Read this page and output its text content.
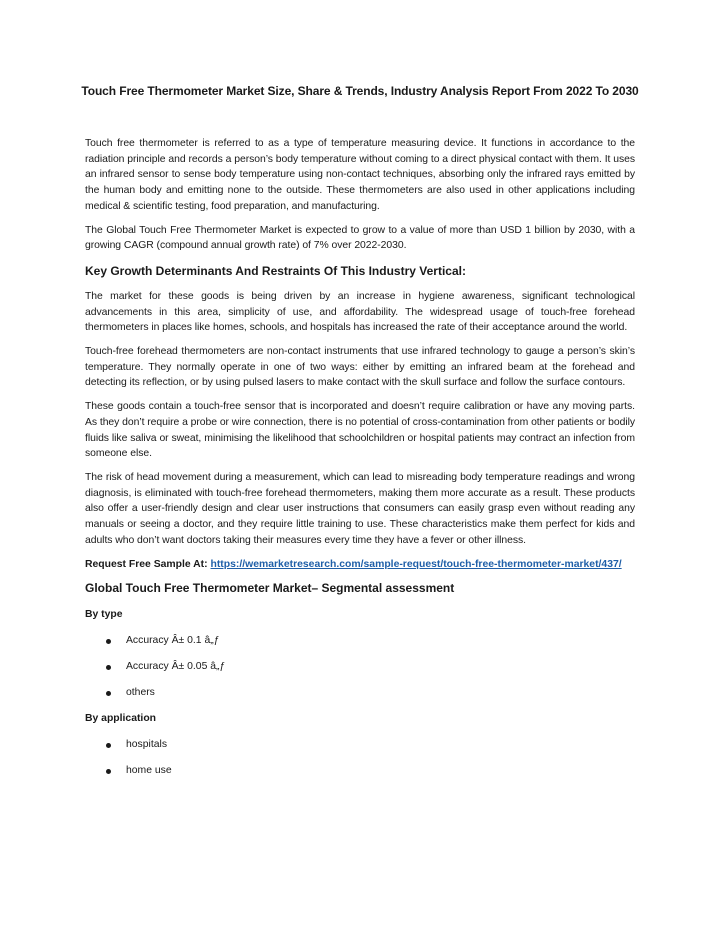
Touch Free Thermometer Market Size, Share & Trends, Industry Analysis Report From 2022 To 2030

Touch free thermometer is referred to as a type of temperature measuring device. It functions in accordance to the radiation principle and records a person’s body temperature without coming to a direct physical contact with them. It uses an infrared sensor to sense body temperature using non-contact techniques, absorbing only the infrared rays emitted by the human body and emitting none to the outside. These thermometers are also used in other applications including medical & scientific testing, food preparation, and manufacturing.

The Global Touch Free Thermometer Market is expected to grow to a value of more than USD 1 billion by 2030, with a growing CAGR (compound annual growth rate) of 7% over 2022-2030.

Key Growth Determinants And Restraints Of This Industry Vertical:

The market for these goods is being driven by an increase in hygiene awareness, significant technological advancements in this area, simplicity of use, and affordability. The widespread usage of touch-free forehead thermometers in places like homes, schools, and hospitals has increased the rate of their acceptance around the world.

Touch-free forehead thermometers are non-contact instruments that use infrared technology to gauge a person’s skin’s temperature. They normally operate in one of two ways: either by emitting an infrared beam at the forehead and detecting its reflection, or by using pulsed lasers to make contact with the skull surface and follow the surface contours.

These goods contain a touch-free sensor that is incorporated and doesn’t require calibration or have any moving parts. As they don’t require a probe or wire connection, there is no potential of cross-contamination from other patients or bodily fluids like saliva or sweat, minimising the likelihood that schoolchildren or hospital patients may contract an infection from someone else.

The risk of head movement during a measurement, which can lead to misreading body temperature readings and wrong diagnosis, is eliminated with touch-free forehead thermometers, making them more accurate as a result. These products also offer a user-friendly design and clear user instructions that consumers can easily grasp even without reading any manuals or seeing a doctor, and they require little training to use. These characteristics make them perfect for kids and adults who don’t want doctors taking their measures every time they have a fever or other illness.

Request Free Sample At: https://wemarketresearch.com/sample-request/touch-free-thermometer-market/437/
Global Touch Free Thermometer Market– Segmental assessment
By type
Accuracy Â± 0.1 â„ƒ
Accuracy Â± 0.05 â„ƒ
others
By application
hospitals
home use
